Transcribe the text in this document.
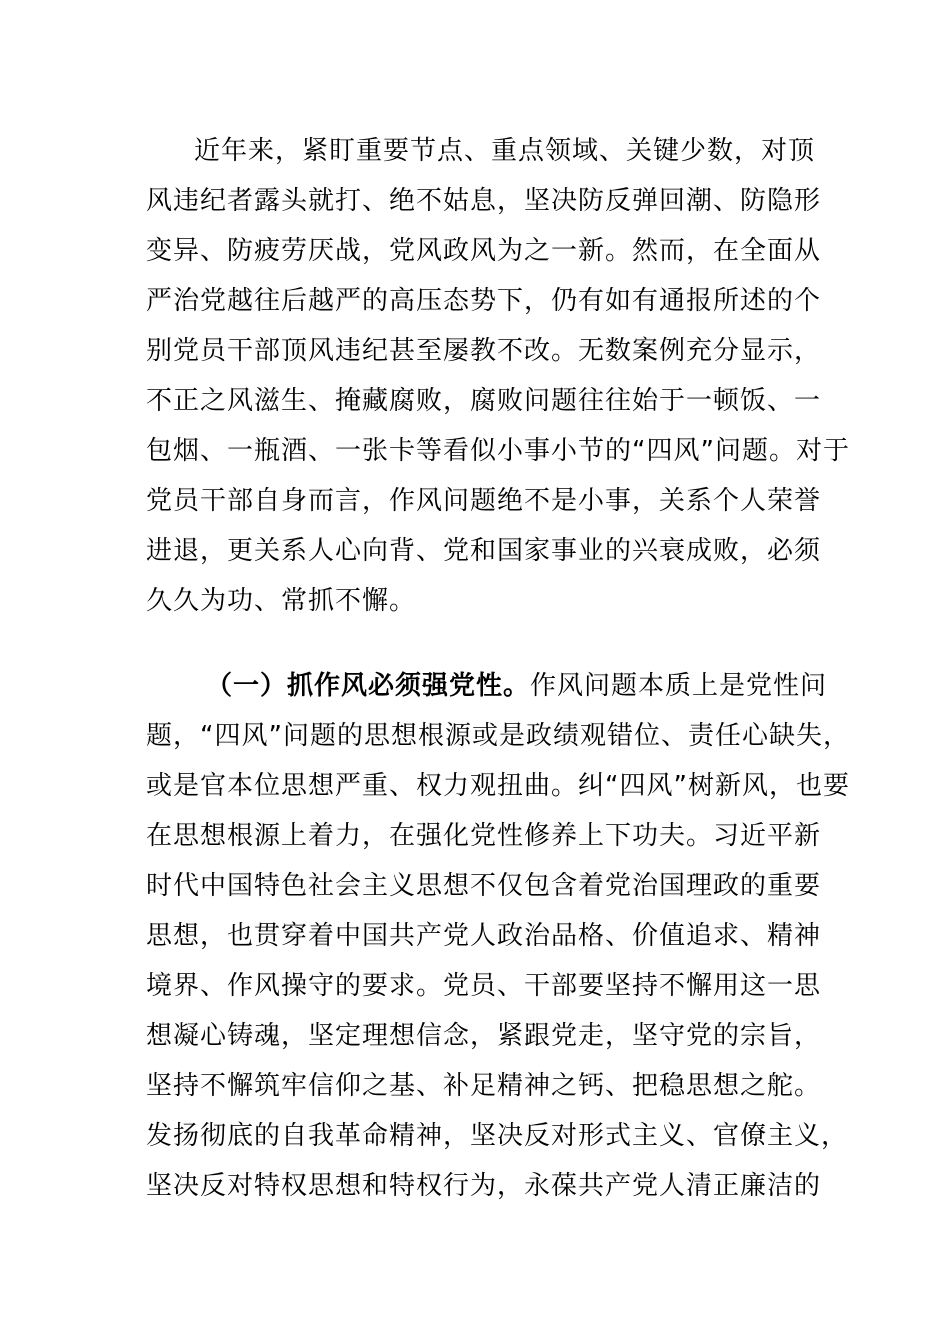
近年来，紧盯重要节点、重点领域、关键少数，对顶
风违纪者露头就打、绝不姑息，坚决防反弹回潮、防隐形
变异、防疲劳厌战，党风政风为之一新。然而，在全面从
严治党越往后越严的高压态势下，仍有如有通报所述的个
别党员干部顶风违纪甚至屡教不改。无数案例充分显示，
不正之风滋生、掩藏腐败，腐败问题往往始于一顿饭、一
包烟、一瓶酒、一张卡等看似小事小节的“四风”问题。对于
党员干部自身而言，作风问题绝不是小事，关系个人荣誉
进退，更关系人心向背、党和国家事业的兴衰成败，必须
久久为功、常抓不懈。
（一）抓作风必须强党性。作风问题本质上是党性问
题，“四风”问题的思想根源或是政绩观错位、责任心缺失，
或是官本位思想严重、权力观扭曲。纠“四风”树新风，也要
在思想根源上着力，在强化党性修养上下功夫。习近平新
时代中国特色社会主义思想不仅包含着党治国理政的重要
思想，也贯穿着中国共产党人政治品格、价值追求、精神
境界、作风操守的要求。党员、干部要坚持不懈用这一思
想凝心铸魂，坚定理想信念，紧跟党走，坚守党的宗旨，
坚持不懈筑牢信仰之基、补足精神之钙、把稳思想之舵。
发扬彻底的自我革命精神，坚决反对形式主义、官僚主义，
坚决反对特权思想和特权行为，永葆共产党人清正廉洁的
